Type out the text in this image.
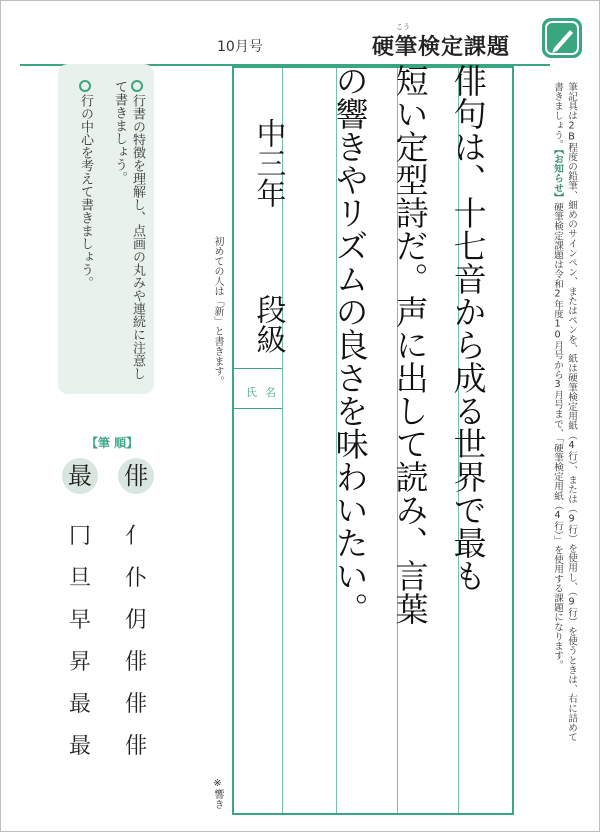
10月号
こう
硬筆検定課題
行書の特徴を理解し、点画の丸みや連続に注意して書きましょう。
行の中心を考えて書きましょう。
【筆 順】
俳
最
亻
仆
仴
俳
俳
俳
冂
旦
早
昇
最
最
初めての人は「新」と書きます。
※響き
氏名	俳句は、十七音から成る世界で最も
短い定型詩だ。声に出して読み、言葉
の響きやリズムの良さを味わいたい。
中三年
段級	筆記具は2B程度の鉛筆、細めのサインペン、またはペンを、紙は硬筆検定用紙（4行）、または（9行）を使用し、（9行）を使うときは、右に詰めて書きましょう。【お知らせ】硬筆検定課題は令和2年度10月号から3月号まで、「硬筆検定用紙（4行）」を使用する課題になります。
